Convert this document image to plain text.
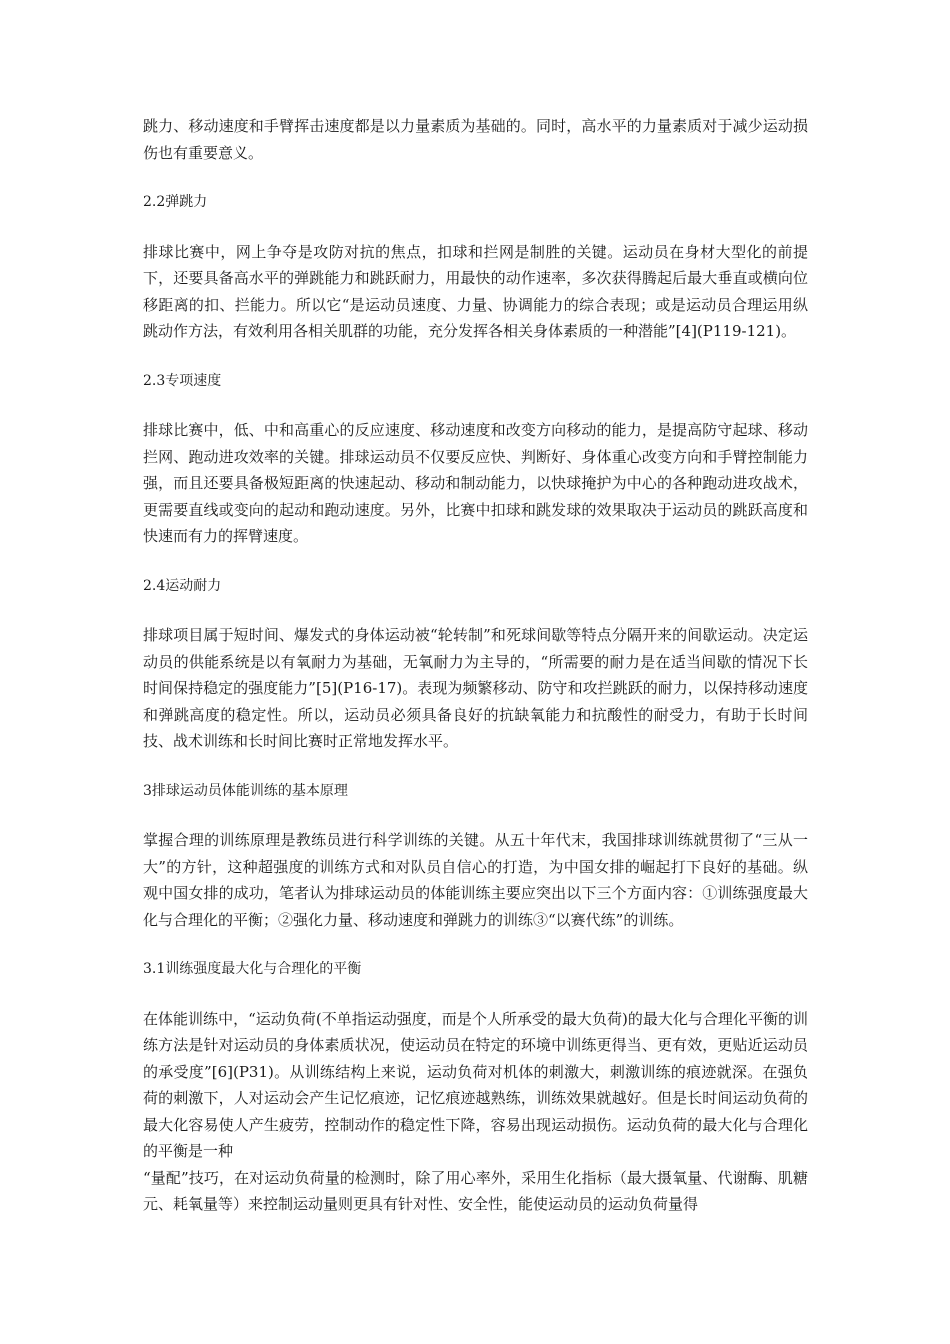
跳力、移动速度和手臂挥击速度都是以力量素质为基础的。同时，高水平的力量素质对于减少运动损伤也有重要意义。

2.2弹跳力

排球比赛中，网上争夺是攻防对抗的焦点，扣球和拦网是制胜的关键。运动员在身材大型化的前提下，还要具备高水平的弹跳能力和跳跃耐力，用最快的动作速率，多次获得腾起后最大垂直或横向位移距离的扣、拦能力。所以它“是运动员速度、力量、协调能力的综合表现；或是运动员合理运用纵跳动作方法，有效利用各相关肌群的功能，充分发挥各相关身体素质的一种潜能”[4](P119-121)。

2.3专项速度

排球比赛中，低、中和高重心的反应速度、移动速度和改变方向移动的能力，是提高防守起球、移动拦网、跑动进攻效率的关键。排球运动员不仅要反应快、判断好、身体重心改变方向和手臂控制能力强，而且还要具备极短距离的快速起动、移动和制动能力，以快球掩护为中心的各种跑动进攻战术，更需要直线或变向的起动和跑动速度。另外，比赛中扣球和跳发球的效果取决于运动员的跳跃高度和快速而有力的挥臂速度。

2.4运动耐力

排球项目属于短时间、爆发式的身体运动被“轮转制”和死球间歇等特点分隔开来的间歇运动。决定运动员的供能系统是以有氧耐力为基础，无氧耐力为主导的，“所需要的耐力是在适当间歇的情况下长时间保持稳定的强度能力”[5](P16-17)。表现为频繁移动、防守和攻拦跳跃的耐力，以保持移动速度和弹跳高度的稳定性。所以，运动员必须具备良好的抗缺氧能力和抗酸性的耐受力，有助于长时间技、战术训练和长时间比赛时正常地发挥水平。

3排球运动员体能训练的基本原理

掌握合理的训练原理是教练员进行科学训练的关键。从五十年代末，我国排球训练就贯彻了“三从一大”的方针，这种超强度的训练方式和对队员自信心的打造，为中国女排的崛起打下良好的基础。纵观中国女排的成功，笔者认为排球运动员的体能训练主要应突出以下三个方面内容：①训练强度最大化与合理化的平衡；②强化力量、移动速度和弹跳力的训练③“以赛代练”的训练。

3.1训练强度最大化与合理化的平衡

在体能训练中，“运动负荷(不单指运动强度，而是个人所承受的最大负荷)的最大化与合理化平衡的训练方法是针对运动员的身体素质状况，使运动员在特定的环境中训练更得当、更有效，更贴近运动员的承受度”[6](P31)。从训练结构上来说，运动负荷对机体的刺激大，刺激训练的痕迹就深。在强负荷的刺激下，人对运动会产生记忆痕迹，记忆痕迹越熟练，训练效果就越好。但是长时间运动负荷的最大化容易使人产生疲劳，控制动作的稳定性下降，容易出现运动损伤。运动负荷的最大化与合理化的平衡是一种

“量配”技巧，在对运动负荷量的检测时，除了用心率外，采用生化指标（最大摄氧量、代谢酶、肌糖元、耗氧量等）来控制运动量则更具有针对性、安全性，能使运动员的运动负荷量得
